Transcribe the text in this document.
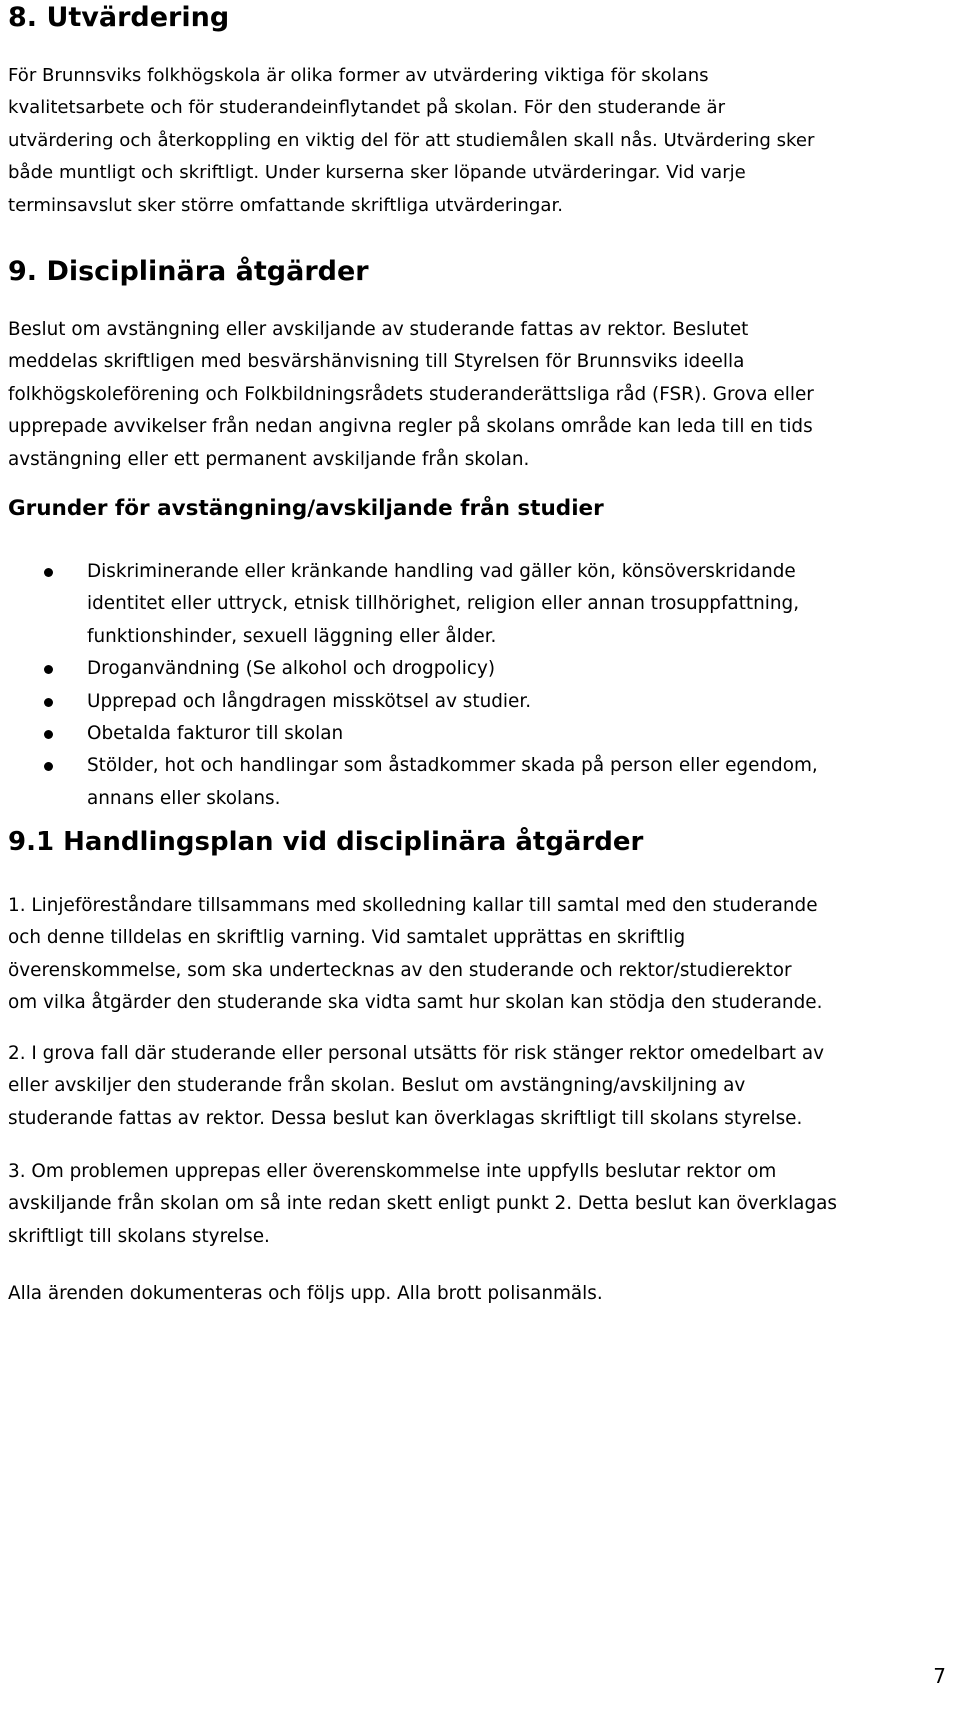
8. Utvärdering
För Brunnsviks folkhögskola är olika former av utvärdering viktiga för skolans
kvalitetsarbete och för studerandeinflytandet på skolan. För den studerande är
utvärdering och återkoppling en viktig del för att studiemålen skall nås. Utvärdering sker
både muntligt och skriftligt. Under kurserna sker löpande utvärderingar. Vid varje
terminsavslut sker större omfattande skriftliga utvärderingar.
9. Disciplinära åtgärder
Beslut om avstängning eller avskiljande av studerande fattas av rektor. Beslutet
meddelas skriftligen med besvärshänvisning till Styrelsen för Brunnsviks ideella
folkhögskoleförening och Folkbildningsrådets studeranderättsliga råd (FSR). Grova eller
upprepade avvikelser från nedan angivna regler på skolans område kan leda till en tids
avstängning eller ett permanent avskiljande från skolan.
Grunder för avstängning/avskiljande från studier
Diskriminerande eller kränkande handling vad gäller kön, könsöverskridande
identitet eller uttryck, etnisk tillhörighet, religion eller annan trosuppfattning,
funktionshinder, sexuell läggning eller ålder.
Droganvändning (Se alkohol och drogpolicy)
Upprepad och långdragen misskötsel av studier.
Obetalda fakturor till skolan
Stölder, hot och handlingar som åstadkommer skada på person eller egendom,
annans eller skolans.
9.1 Handlingsplan vid disciplinära åtgärder
1. Linjeföreståndare tillsammans med skolledning kallar till samtal med den studerande
och denne tilldelas en skriftlig varning. Vid samtalet upprättas en skriftlig
överenskommelse, som ska undertecknas av den studerande och rektor/studierektor
om vilka åtgärder den studerande ska vidta samt hur skolan kan stödja den studerande.
2. I grova fall där studerande eller personal utsätts för risk stänger rektor omedelbart av
eller avskiljer den studerande från skolan. Beslut om avstängning/avskiljning av
studerande fattas av rektor. Dessa beslut kan överklagas skriftligt till skolans styrelse.
3. Om problemen upprepas eller överenskommelse inte uppfylls beslutar rektor om
avskiljande från skolan om så inte redan skett enligt punkt 2. Detta beslut kan överklagas
skriftligt till skolans styrelse.
Alla ärenden dokumenteras och följs upp. Alla brott polisanmäls.
7
